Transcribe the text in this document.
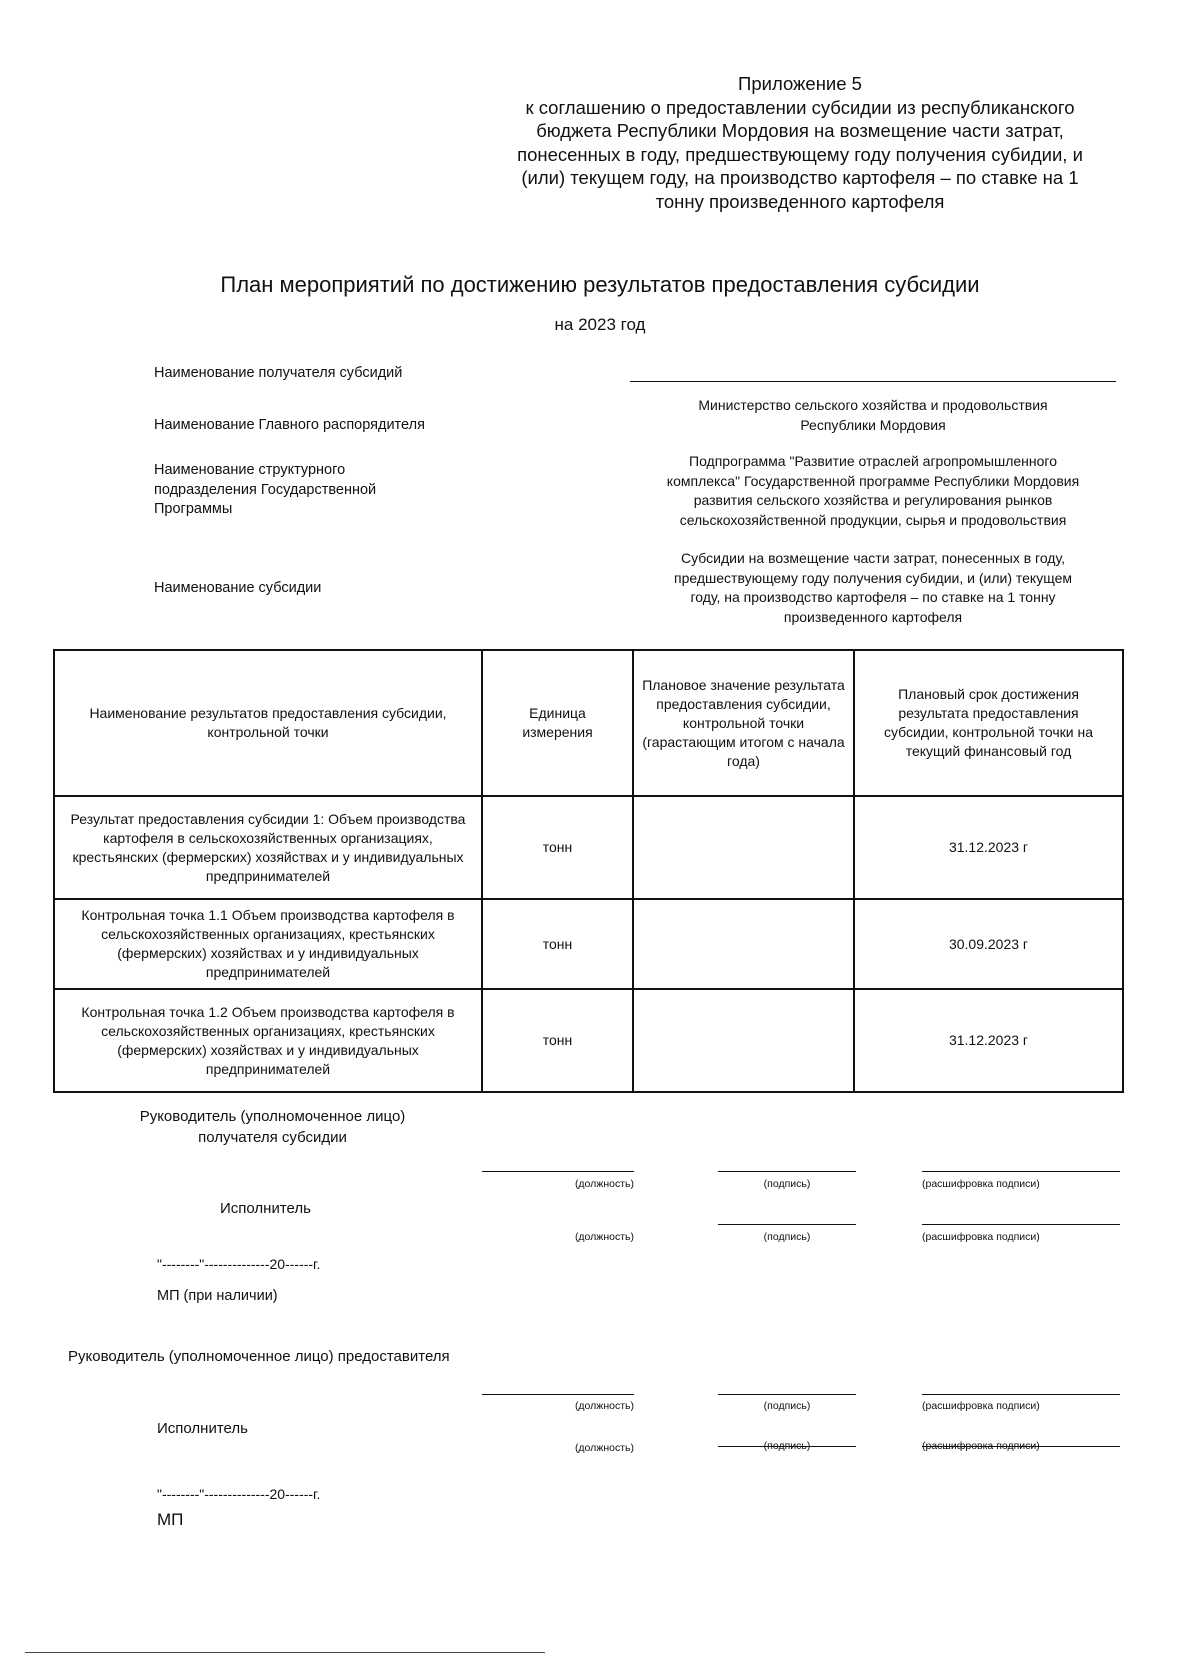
Приложение 5
к соглашению о предоставлении субсидии из республиканского
бюджета Республики Мордовия на возмещение части затрат,
понесенных в году, предшествующему году получения субидии, и
(или) текущем году, на производство картофеля – по ставке на 1
тонну произведенного картофеля
План мероприятий по достижению результатов предоставления субсидии
на 2023 год
Наименование получателя субсидий
Наименование Главного распорядителя
Министерство сельского хозяйства и продовольствия
Республики Мордовия
Наименование структурного
подразделения Государственной
Программы
Подпрограмма "Развитие отраслей агропромышленного
комплекса" Государственной программе Республики Мордовия
развития сельского хозяйства и регулирования рынков
сельскохозяйственной продукции, сырья и продовольствия
Наименование субсидии
Субсидии на возмещение части затрат, понесенных в году,
предшествующему году получения субидии, и (или) текущем
году, на производство картофеля – по ставке на 1 тонну
произведенного картофеля
Наименование результатов предоставления субсидии, контрольной точки	Единица измерения	Плановое значение результата предоставления субсидии, контрольной точки (гарастающим итогом с начала года)	Плановый срок достижения результата предоставления субсидии, контрольной точки на текущий финансовый год
Результат предоставления субсидии 1: Объем производства картофеля в сельскохозяйственных организациях, крестьянских (фермерских) хозяйствах и у индивидуальных предпринимателей	тонн		31.12.2023 г
Контрольная точка 1.1 Объем производства картофеля в сельскохозяйственных организациях, крестьянских (фермерских) хозяйствах и у индивидуальных предпринимателей	тонн		30.09.2023 г
Контрольная точка 1.2 Объем производства картофеля в сельскохозяйственных организациях, крестьянских (фермерских) хозяйствах и у индивидуальных предпринимателей	тонн		31.12.2023 г
Руководитель (уполномоченное лицо)
получателя субсидии
(должность)	(подпись)	(расшифровка подписи)
Исполнитель
(должность)	(подпись)	(расшифровка подписи)
"--------"--------------20------г.
МП (при наличии)
Руководитель (уполномоченное лицо) предоставителя
(должность)	(подпись)	(расшифровка подписи)
Исполнитель
(должность)	(подпись)	(расшифровка подписи)
"--------"--------------20------г.
МП
